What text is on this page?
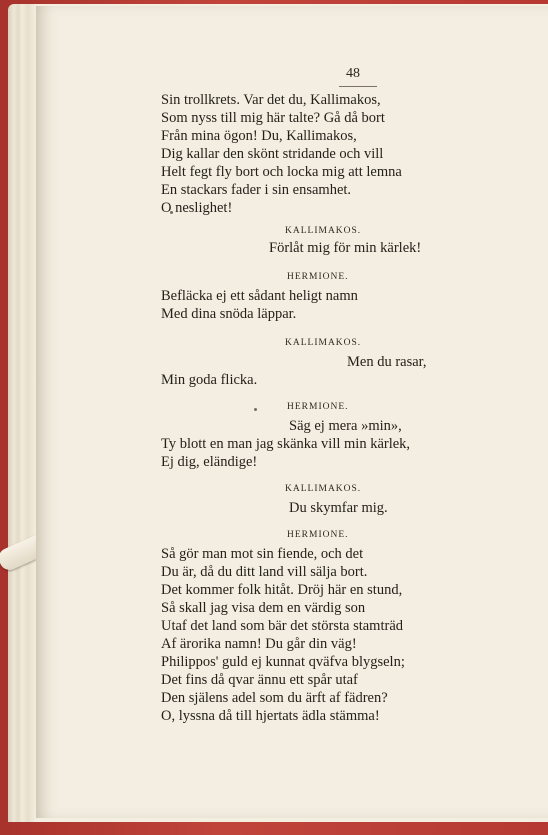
48
Sin trollkrets. Var det du, Kallimakos,
Som nyss till mig här talte? Gå då bort
Från mina ögon! Du, Kallimakos,
Dig kallar den skönt stridande och vill
Helt fegt fly bort och locka mig att lemna
En stackars fader i sin ensamhet.
O neslighet!
KALLIMAKOS.
Förlåt mig för min kärlek!
HERMIONE.
Befläcka ej ett sådant heligt namn
Med dina snöda läppar.
KALLIMAKOS.
Men du rasar,
Min goda flicka.
HERMIONE.
Säg ej mera »min»,
Ty blott en man jag skänka vill min kärlek,
Ej dig, eländige!
KALLIMAKOS.
Du skymfar mig.
HERMIONE.
Så gör man mot sin fiende, och det
Du är, då du ditt land vill sälja bort.
Det kommer folk hitåt. Dröj här en stund,
Så skall jag visa dem en värdig son
Utaf det land som bär det största stamträd
Af ärorika namn! Du går din väg!
Philippos' guld ej kunnat qväfva blygseln;
Det fins då qvar ännu ett spår utaf
Den själens adel som du ärft af fädren?
O, lyssna då till hjertats ädla stämma!
